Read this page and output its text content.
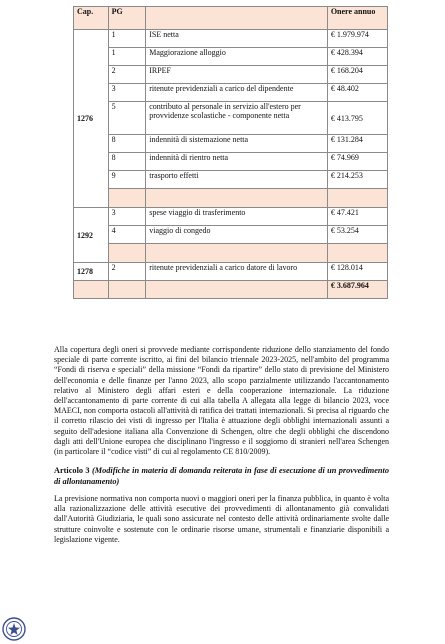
Cap.	PG		Onere annuo
1276	1	ISE netta	€ 1.979.974
	1	Maggiorazione alloggio	€ 428.394
	2	IRPEF	€ 168.204
	3	ritenute previdenziali a carico del dipendente	€ 48.402
	5	contributo al personale in servizio all'estero per provvidenze scolastiche - componente netta	€ 413.795
	8	indennità di sistemazione netta	€ 131.284
	8	indennità di rientro netta	€ 74.969
	9	trasporto effetti	€ 214.253

1292	3	spese viaggio di trasferimento	€ 47.421
	4	viaggio di congedo	€ 53.254

1278	2	ritenute previdenziali a carico datore di lavoro	€ 128.014
			€ 3.687.964
Alla copertura degli oneri si provvede mediante corrispondente riduzione dello stanziamento del fondo speciale di parte corrente iscritto, ai fini del bilancio triennale 2023-2025, nell'ambito del programma “Fondi di riserva e speciali” della missione “Fondi da ripartire” dello stato di previsione del Ministero dell'economia e delle finanze per l'anno 2023, allo scopo parzialmente utilizzando l'accantonamento relativo al Ministero degli affari esteri e della cooperazione internazionale. La riduzione dell'accantonamento di parte corrente di cui alla tabella A allegata alla legge di bilancio 2023, voce MAECI, non comporta ostacoli all'attività di ratifica dei trattati internazionali. Si precisa al riguardo che il corretto rilascio dei visti di ingresso per l'Italia è attuazione degli obblighi internazionali assunti a seguito dell'adesione italiana alla Convenzione di Schengen, oltre che degli obblighi che discendono dagli atti dell'Unione europea che disciplinano l'ingresso e il soggiorno di stranieri nell'area Schengen (in particolare il “codice visti” di cui al regolamento CE 810/2009).
Articolo 3 (Modifiche in materia di domanda reiterata in fase di esecuzione di un provvedimento di allontanamento)
La previsione normativa non comporta nuovi o maggiori oneri per la finanza pubblica, in quanto è volta alla razionalizzazione delle attività esecutive dei provvedimenti di allontanamento già convalidati dall'Autorità Giudiziaria, le quali sono assicurate nel contesto delle attività ordinariamente svolte dalle strutture coinvolte e sostenute con le ordinarie risorse umane, strumentali e finanziarie disponibili a legislazione vigente.
